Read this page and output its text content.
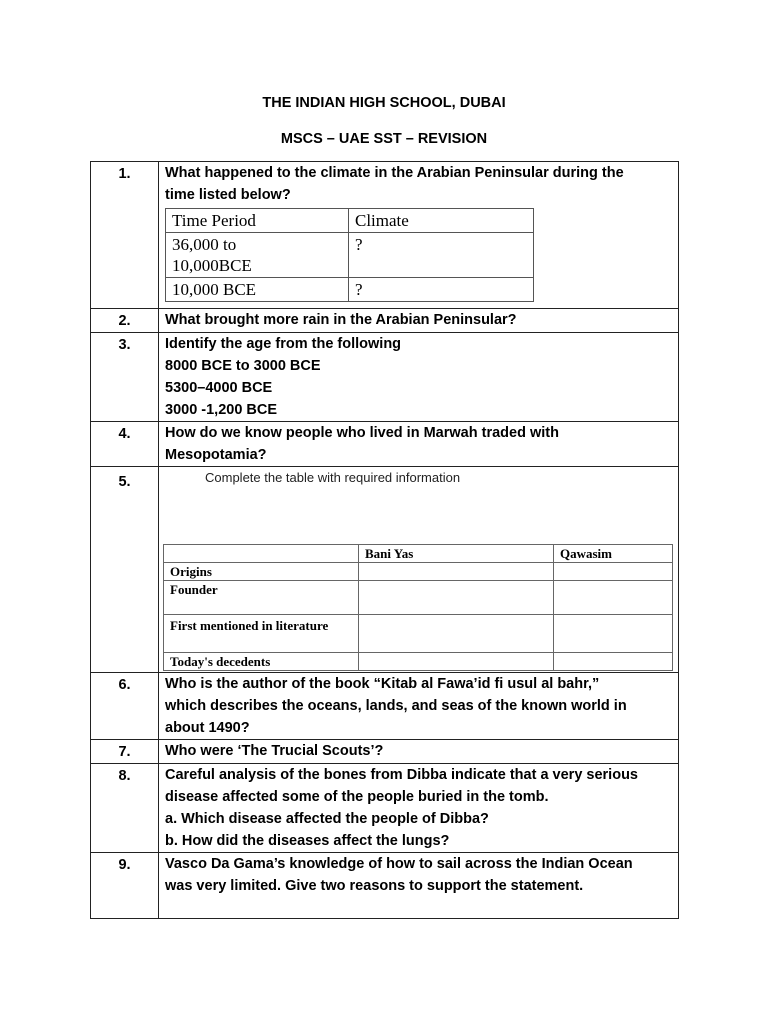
THE INDIAN HIGH SCHOOL, DUBAI
MSCS – UAE SST – REVISION
1.	What happened to the climate in the Arabian Peninsular during the
time listed below?
Time Period	Climate
36,000 to
10,000BCE	?
10,000 BCE	?

2.	What brought more rain in the Arabian Peninsular?

3.	Identify the age from the following
8000 BCE to 3000 BCE
5300–4000 BCE
3000 -1,200 BCE

4.	How do we know people who lived in Marwah traded with
Mesopotamia?

5.	Complete the table with required information
	Bani Yas	Qawasim
Origins		
Founder		
First mentioned in literature		
Today's decedents		

6.	Who is the author of the book “Kitab al Fawa’id fi usul al bahr,”
which describes the oceans, lands, and seas of the known world in
about 1490?

7.	Who were ‘The Trucial Scouts’?

8.	Careful analysis of the bones from Dibba indicate that a very serious
disease affected some of the people buried in the tomb.
a. Which disease affected the people of Dibba?
b. How did the diseases affect the lungs?

9.	Vasco Da Gama’s knowledge of how to sail across the Indian Ocean
was very limited. Give two reasons to support the statement.
